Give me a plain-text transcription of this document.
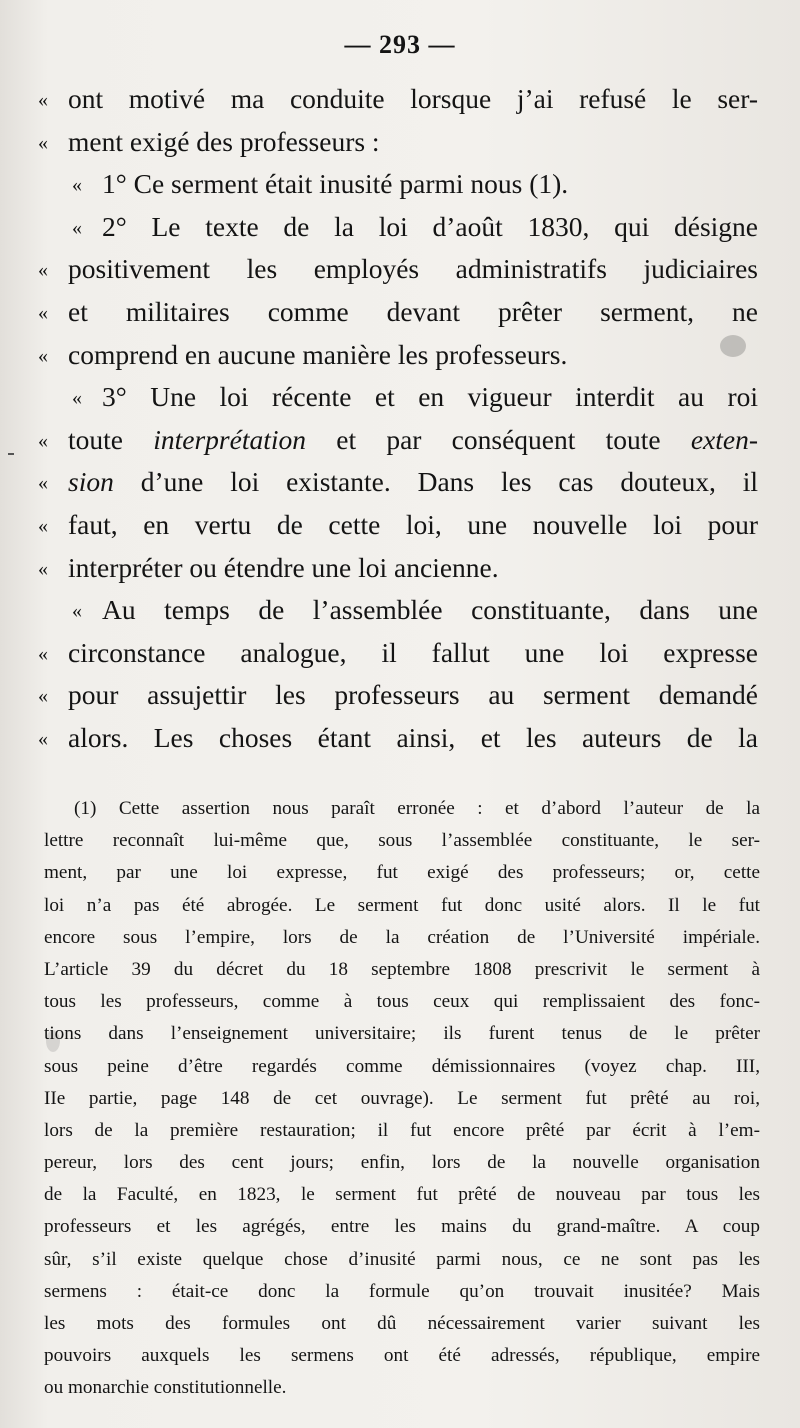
— 293 —
« ont motivé ma conduite lorsque j’ai refusé le ser-
« ment exigé des professeurs :
« 1° Ce serment était inusité parmi nous (1).
« 2° Le texte de la loi d’août 1830, qui désigne
« positivement les employés administratifs judiciaires
« et militaires comme devant prêter serment, ne
« comprend en aucune manière les professeurs.
« 3° Une loi récente et en vigueur interdit au roi
« toute interprétation et par conséquent toute exten-
« sion d’une loi existante. Dans les cas douteux, il
« faut, en vertu de cette loi, une nouvelle loi pour
« interpréter ou étendre une loi ancienne.
« Au temps de l’assemblée constituante, dans une
« circonstance analogue, il fallut une loi expresse
« pour assujettir les professeurs au serment demandé
« alors. Les choses étant ainsi, et les auteurs de la
(1) Cette assertion nous paraît erronée : et d’abord l’auteur de la
lettre reconnaît lui-même que, sous l’assemblée constituante, le ser-
ment, par une loi expresse, fut exigé des professeurs; or, cette
loi n’a pas été abrogée. Le serment fut donc usité alors. Il le fut
encore sous l’empire, lors de la création de l’Université impériale.
L’article 39 du décret du 18 septembre 1808 prescrivit le serment à
tous les professeurs, comme à tous ceux qui remplissaient des fonc-
tions dans l’enseignement universitaire; ils furent tenus de le prêter
sous peine d’être regardés comme démissionnaires (voyez chap. III,
IIe partie, page 148 de cet ouvrage). Le serment fut prêté au roi,
lors de la première restauration; il fut encore prêté par écrit à l’em-
pereur, lors des cent jours; enfin, lors de la nouvelle organisation
de la Faculté, en 1823, le serment fut prêté de nouveau par tous les
professeurs et les agrégés, entre les mains du grand-maître. A coup
sûr, s’il existe quelque chose d’inusité parmi nous, ce ne sont pas les
sermens : était-ce donc la formule qu’on trouvait inusitée? Mais
les mots des formules ont dû nécessairement varier suivant les
pouvoirs auxquels les sermens ont été adressés, république, empire
ou monarchie constitutionnelle.
